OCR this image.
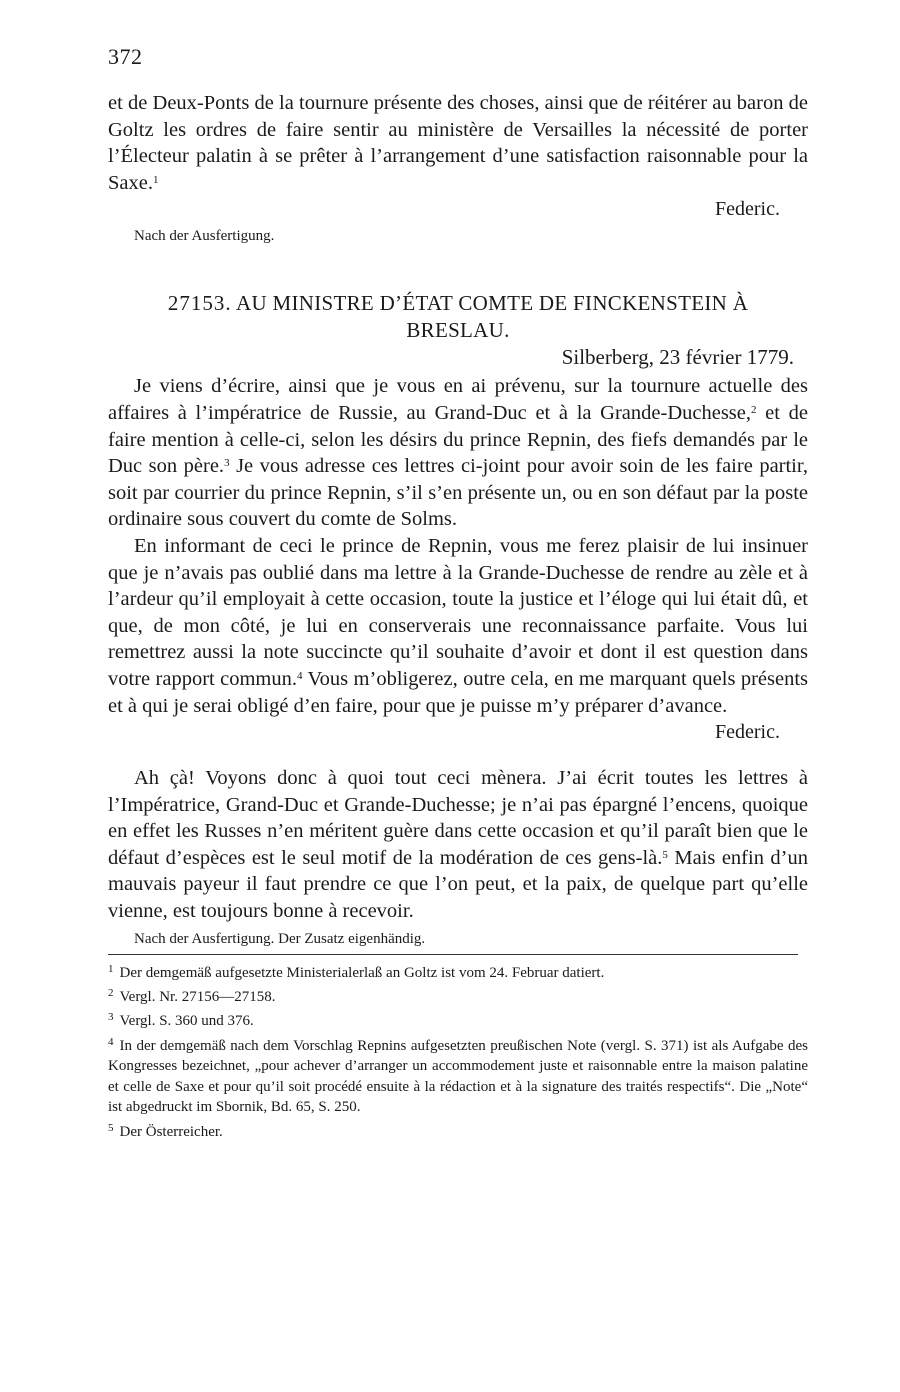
372

et de Deux-Ponts de la tournure présente des choses, ainsi que de réitérer au baron de Goltz les ordres de faire sentir au ministère de Versailles la nécessité de porter l’Électeur palatin à se prêter à l’arrangement d’une satisfaction raisonnable pour la Saxe.$^1$

Federic.
Nach der Ausfertigung.
27153. AU MINISTRE D’ÉTAT COMTE DE FINCKENSTEIN À
BRESLAU.
Silberberg, 23 février 1779.

Je viens d’écrire, ainsi que je vous en ai prévenu, sur la tournure actuelle des affaires à l’impératrice de Russie, au Grand-Duc et à la Grande-Duchesse,$^2$ et de faire mention à celle-ci, selon les désirs du prince Repnin, des fiefs demandés par le Duc son père.$^3$ Je vous adresse ces lettres ci-joint pour avoir soin de les faire partir, soit par courrier du prince Repnin, s’il s’en présente un, ou en son défaut par la poste ordinaire sous couvert du comte de Solms.

En informant de ceci le prince de Repnin, vous me ferez plaisir de lui insinuer que je n’avais pas oublié dans ma lettre à la Grande-Duchesse de rendre au zèle et à l’ardeur qu’il employait à cette occasion, toute la justice et l’éloge qui lui était dû, et que, de mon côté, je lui en conserverais une reconnaissance parfaite. Vous lui remettrez aussi la note succincte qu’il souhaite d’avoir et dont il est question dans votre rapport commun.$^4$ Vous m’obligerez, outre cela, en me marquant quels présents et à qui je serai obligé d’en faire, pour que je puisse m’y préparer d’avance.

Federic.

Ah çà! Voyons donc à quoi tout ceci mènera. J’ai écrit toutes les lettres à l’Impératrice, Grand-Duc et Grande-Duchesse; je n’ai pas épargné l’encens, quoique en effet les Russes n’en méritent guère dans cette occasion et qu’il paraît bien que le défaut d’espèces est le seul motif de la modération de ces gens-là.$^5$ Mais enfin d’un mauvais payeur il faut prendre ce que l’on peut, et la paix, de quelque part qu’elle vienne, est toujours bonne à recevoir.

Nach der Ausfertigung. Der Zusatz eigenhändig.
$^1$ Der demgemäß aufgesetzte Ministerialerlaß an Goltz ist vom 24. Februar datiert.
$^2$ Vergl. Nr. 27156—27158.
$^3$ Vergl. S. 360 und 376.
$^4$ In der demgemäß nach dem Vorschlag Repnins aufgesetzten preußischen Note (vergl. S. 371) ist als Aufgabe des Kongresses bezeichnet, „pour achever d’arranger un accommodement juste et raisonnable entre la maison palatine et celle de Saxe et pour qu’il soit procédé ensuite à la rédaction et à la signature des traités respectifs“. Die „Note“ ist abgedruckt im Sbornik, Bd. 65, S. 250.
$^5$ Der Österreicher.
